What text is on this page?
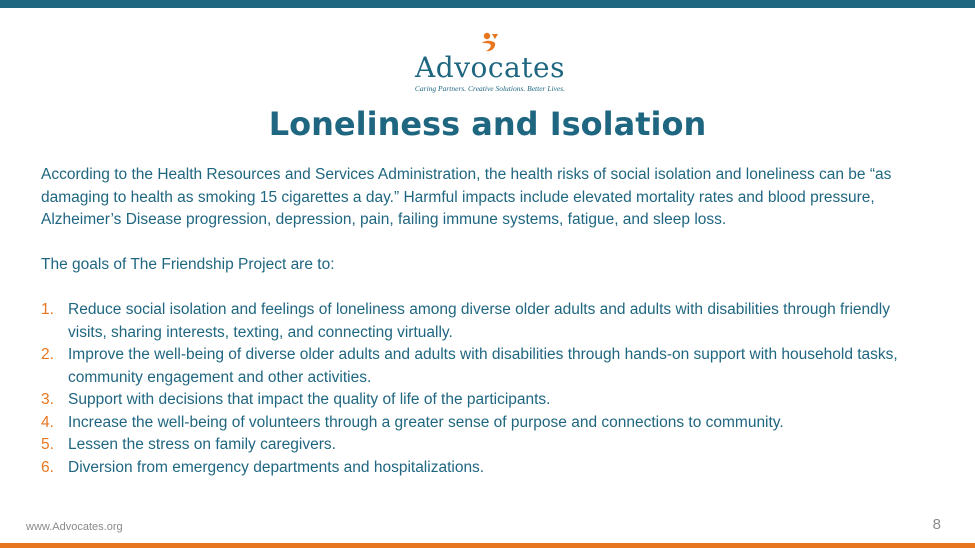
Advocates
Caring Partners. Creative Solutions. Better Lives.
Loneliness and Isolation

According to the Health Resources and Services Administration, the health risks of social isolation and loneliness can be “as damaging to health as smoking 15 cigarettes a day.” Harmful impacts include elevated mortality rates and blood pressure, Alzheimer’s Disease progression, depression, pain, failing immune systems, fatigue, and sleep loss.

The goals of The Friendship Project are to:

1. Reduce social isolation and feelings of loneliness among diverse older adults and adults with disabilities through friendly visits, sharing interests, texting, and connecting virtually.
2. Improve the well-being of diverse older adults and adults with disabilities through hands-on support with household tasks, community engagement and other activities.
3. Support with decisions that impact the quality of life of the participants.
4. Increase the well-being of volunteers through a greater sense of purpose and connections to community.
5. Lessen the stress on family caregivers.
6. Diversion from emergency departments and hospitalizations.
www.Advocates.org	8
